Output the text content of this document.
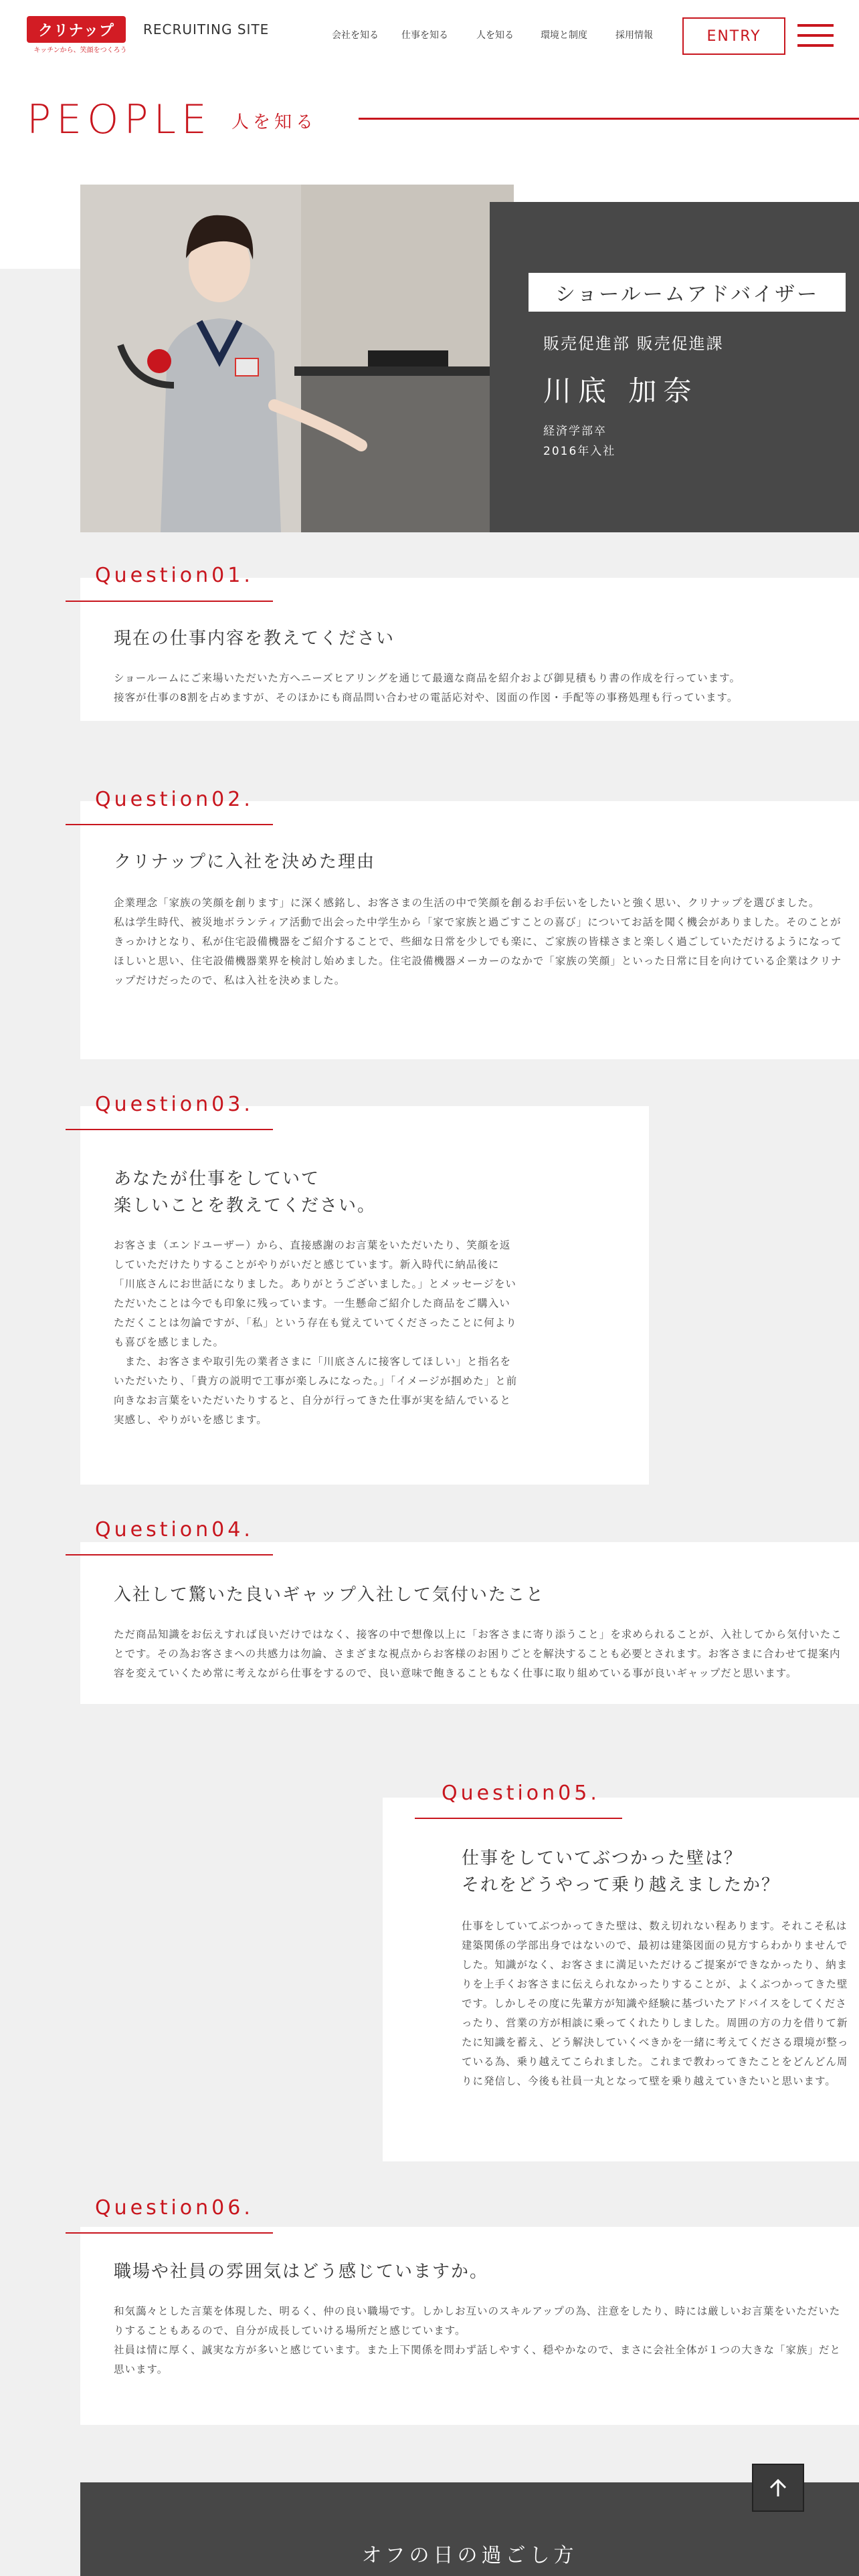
クリナップ
キッチンから、笑顔をつくろう
RECRUITING SITE	会社を知る 仕事を知る	人を知る	環境と制度	採用情報	ENTRY
PEOPLE 人を知る
ショールームアドバイザー
販売促進部 販売促進課
川底 加奈
経済学部卒
2016年入社
Question01.
現在の仕事内容を教えてください
ショールームにご来場いただいた方へニーズヒアリングを通じて最適な商品を紹介および御見積もり書の作成を行っています。
接客が仕事の8割を占めますが、そのほかにも商品問い合わせの電話応対や、図面の作図・手配等の事務処理も行っています。
Question02.
クリナップに入社を決めた理由
企業理念「家族の笑顔を創ります」に深く感銘し、お客さまの生活の中で笑顔を創るお手伝いをしたいと強く思い、クリナップを選びました。
私は学生時代、被災地ボランティア活動で出会った中学生から「家で家族と過ごすことの喜び」についてお話を聞く機会がありました。そのことがきっかけとなり、私が住宅設備機器をご紹介することで、些細な日常を少しでも楽に、ご家族の皆様さまと楽しく過ごしていただけるようになってほしいと思い、住宅設備機器業界を検討し始めました。住宅設備機器メーカーのなかで「家族の笑顔」といった日常に目を向けている企業はクリナップだけだったので、私は入社を決めました。
Question03.
あなたが仕事をしていて
楽しいことを教えてください。
お客さま（エンドユーザー）から、直接感謝のお言葉をいただいたり、笑顔を返していただけたりすることがやりがいだと感じています。新入時代に納品後に「川底さんにお世話になりました。ありがとうございました。」とメッセージをいただいたことは今でも印象に残っています。一生懸命ご紹介した商品をご購入いただくことは勿論ですが、「私」という存在も覚えていてくださったことに何よりも喜びを感じました。
　また、お客さまや取引先の業者さまに「川底さんに接客してほしい」と指名をいただいたり、「貴方の説明で工事が楽しみになった。」「イメージが掴めた」と前向きなお言葉をいただいたりすると、自分が行ってきた仕事が実を結んでいると実感し、やりがいを感じます。
Question04.
入社して驚いた良いギャップ入社して気付いたこと
ただ商品知識をお伝えすれば良いだけではなく、接客の中で想像以上に「お客さまに寄り添うこと」を求められることが、入社してから気付いたことです。その為お客さまへの共感力は勿論、さまざまな視点からお客様のお困りごとを解決することも必要とされます。お客さまに合わせて提案内容を変えていくため常に考えながら仕事をするので、良い意味で飽きることもなく仕事に取り組めている事が良いギャップだと思います。
Question05.
仕事をしていてぶつかった壁は？
それをどうやって乗り越えましたか？
仕事をしていてぶつかってきた壁は、数え切れない程あります。それこそ私は建築関係の学部出身ではないので、最初は建築図面の見方すらわかりませんでした。知識がなく、お客さまに満足いただけるご提案ができなかったり、納まりを上手くお客さまに伝えられなかったりすることが、よくぶつかってきた壁です。しかしその度に先輩方が知識や経験に基づいたアドバイスをしてくださったり、営業の方が相談に乗ってくれたりしました。周囲の方の力を借りて新たに知識を蓄え、どう解決していくべきかを一緒に考えてくださる環境が整っている為、乗り越えてこられました。これまで教わってきたことをどんどん周りに発信し、今後も社員一丸となって壁を乗り越えていきたいと思います。
Question06.
職場や社員の雰囲気はどう感じていますか。
和気藹々とした言葉を体現した、明るく、仲の良い職場です。しかしお互いのスキルアップの為、注意をしたり、時には厳しいお言葉をいただいたりすることもあるので、自分が成長していける場所だと感じています。
社員は情に厚く、誠実な方が多いと感じています。また上下関係を問わず話しやすく、穏やかなので、まさに会社全体が１つの大きな「家族」だと思います。
オフの日の過ごし方
